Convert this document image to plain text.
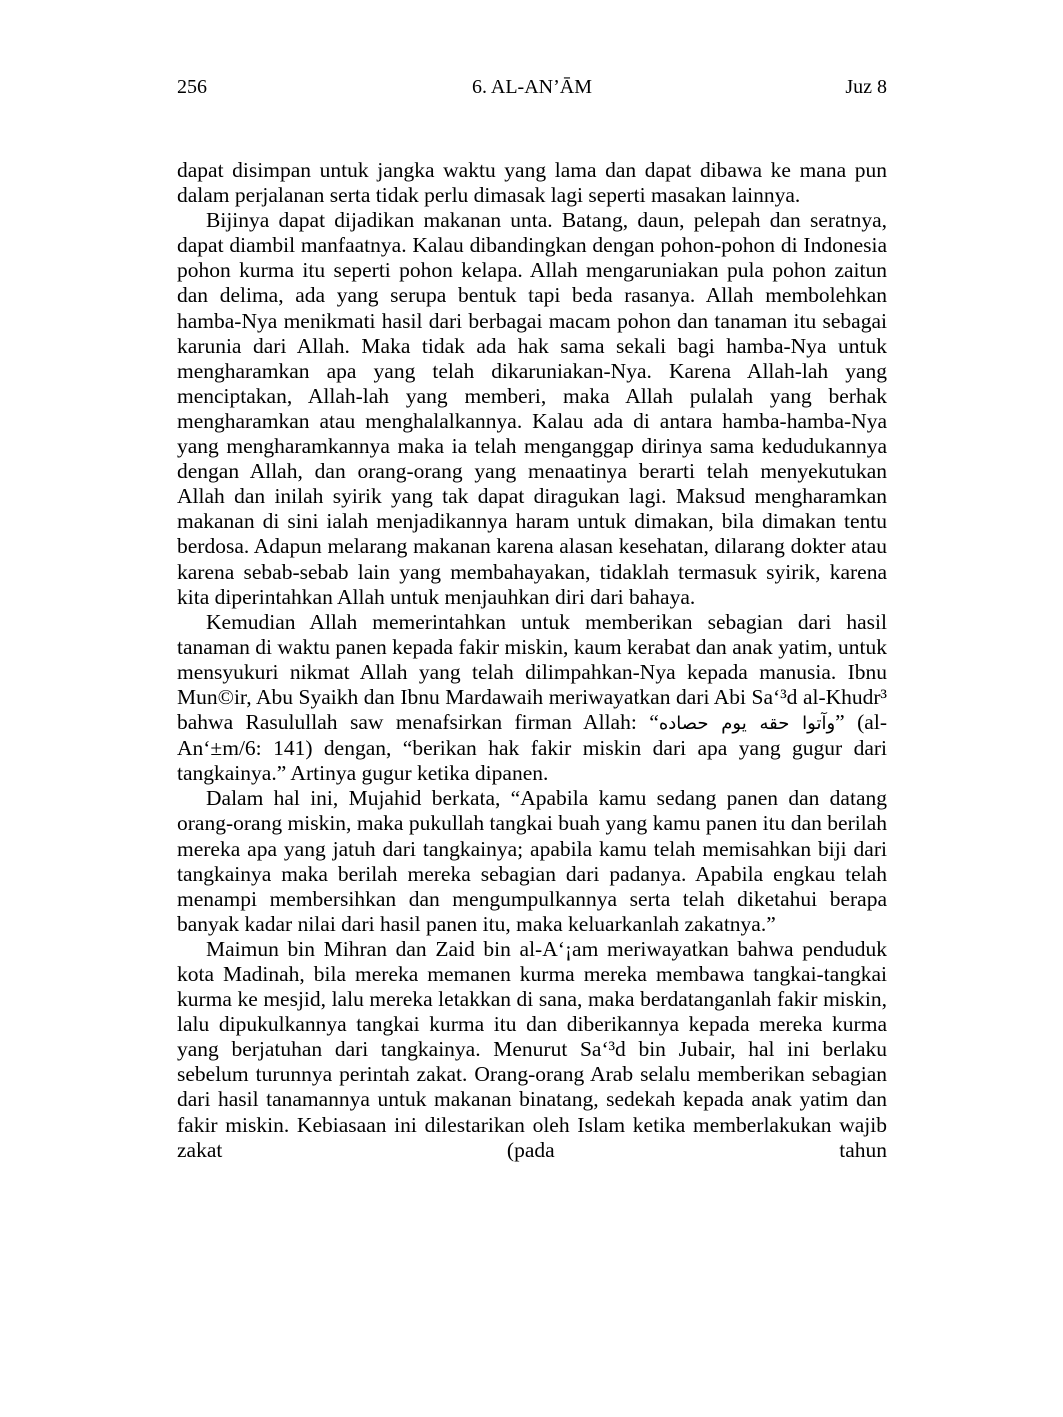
256	6. AL-AN’ĀM	Juz 8

dapat disimpan untuk jangka waktu yang lama dan dapat dibawa ke mana pun dalam perjalanan serta tidak perlu dimasak lagi seperti masakan lainnya.

Bijinya dapat dijadikan makanan unta. Batang, daun, pelepah dan seratnya, dapat diambil manfaatnya. Kalau dibandingkan dengan pohon-pohon di Indonesia pohon kurma itu seperti pohon kelapa. Allah mengaruniakan pula pohon zaitun dan delima, ada yang serupa bentuk tapi beda rasanya. Allah membolehkan hamba-Nya menikmati hasil dari berbagai macam pohon dan tanaman itu sebagai karunia dari Allah. Maka tidak ada hak sama sekali bagi hamba-Nya untuk mengharamkan apa yang telah dikaruniakan-Nya. Karena Allah-lah yang menciptakan, Allah-lah yang memberi, maka Allah pulalah yang berhak mengharamkan atau menghalalkannya. Kalau ada di antara hamba-hamba-Nya yang mengharamkannya maka ia telah menganggap dirinya sama kedudukannya dengan Allah, dan orang-orang yang menaatinya berarti telah menyekutukan Allah dan inilah syirik yang tak dapat diragukan lagi. Maksud mengharamkan makanan di sini ialah menjadikannya haram untuk dimakan, bila dimakan tentu berdosa. Adapun melarang makanan karena alasan kesehatan, dilarang dokter atau karena sebab-sebab lain yang membahayakan, tidaklah termasuk syirik, karena kita diperintahkan Allah untuk menjauhkan diri dari bahaya.

Kemudian Allah memerintahkan untuk memberikan sebagian dari hasil tanaman di waktu panen kepada fakir miskin, kaum kerabat dan anak yatim, untuk mensyukuri nikmat Allah yang telah dilimpahkan-Nya kepada manusia. Ibnu Mun©ir, Abu Syaikh dan Ibnu Mardawaih meriwayatkan dari Abi Sa‘³d al-Khudr³ bahwa Rasulullah saw menafsirkan firman Allah: “وآتوا حقه يوم حصاده” (al-An‘±m/6: 141) dengan, “berikan hak fakir miskin dari apa yang gugur dari tangkainya.” Artinya gugur ketika dipanen.

Dalam hal ini, Mujahid berkata, “Apabila kamu sedang panen dan datang orang-orang miskin, maka pukullah tangkai buah yang kamu panen itu dan berilah mereka apa yang jatuh dari tangkainya; apabila kamu telah memisahkan biji dari tangkainya maka berilah mereka sebagian dari padanya. Apabila engkau telah menampi membersihkan dan mengumpulkannya serta telah diketahui berapa banyak kadar nilai dari hasil panen itu, maka keluarkanlah zakatnya.”

Maimun bin Mihran dan Zaid bin al-A‘¡am meriwayatkan bahwa penduduk kota Madinah, bila mereka memanen kurma mereka membawa tangkai-tangkai kurma ke mesjid, lalu mereka letakkan di sana, maka berdatanganlah fakir miskin, lalu dipukulkannya tangkai kurma itu dan diberikannya kepada mereka kurma yang berjatuhan dari tangkainya. Menurut Sa‘³d bin Jubair, hal ini berlaku sebelum turunnya perintah zakat. Orang-orang Arab selalu memberikan sebagian dari hasil tanamannya untuk makanan binatang, sedekah kepada anak yatim dan fakir miskin. Kebiasaan ini dilestarikan oleh Islam ketika memberlakukan wajib zakat (pada tahun
